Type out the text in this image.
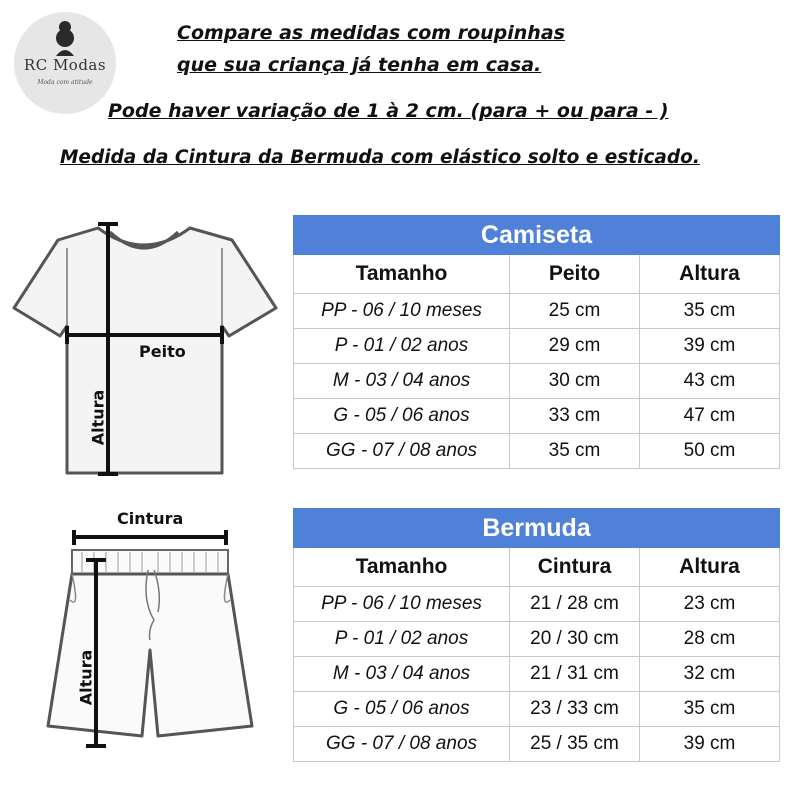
RC Modas
Moda com atitude
Compare as medidas com roupinhas
que sua criança já tenha em casa.
Pode haver variação de 1 à 2 cm. (para + ou para - )
Medida da Cintura da Bermuda com elástico solto e esticado.
Peito
Altura
Cintura
Altura
Camiseta		
Tamanho	Peito	Altura
PP - 06 / 10 meses	25 cm	35 cm
P - 01 / 02 anos	29 cm	39 cm
M - 03 / 04 anos	30 cm	43 cm
G - 05 / 06 anos	33 cm	47 cm
GG - 07 / 08 anos	35 cm	50 cm
Bermuda		
Tamanho	Cintura	Altura
PP - 06 / 10 meses	21 / 28 cm	23 cm
P - 01 / 02 anos	20 / 30 cm	28 cm
M - 03 / 04 anos	21 / 31 cm	32 cm
G - 05 / 06 anos	23 / 33 cm	35 cm
GG - 07 / 08 anos	25 / 35 cm	39 cm
